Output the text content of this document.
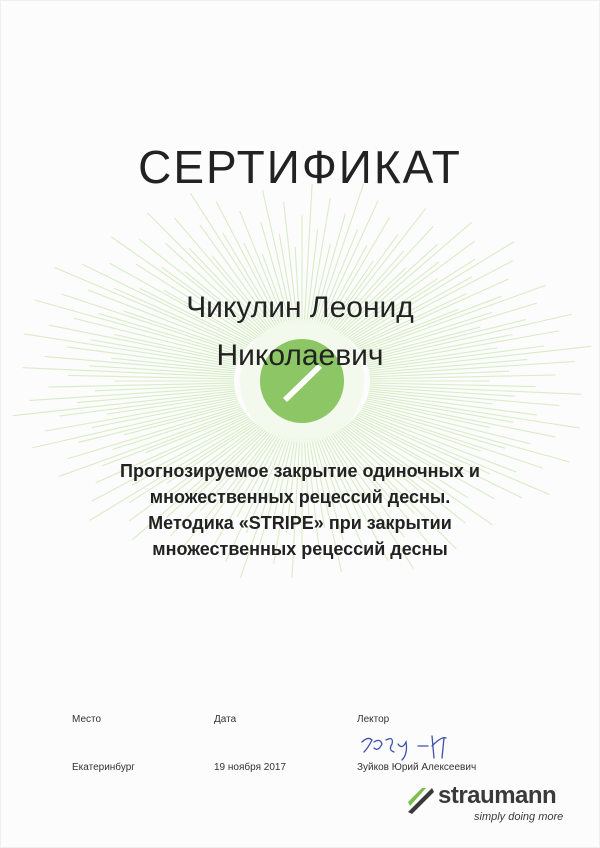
СЕРТИФИКАТ
Чикулин Леонид
Николаевич
Прогнозируемое закрытие одиночных и
множественных рецессий десны.
Методика «STRIPE» при закрытии
множественных рецессий десны
Место	Дата	Лектор
Екатеринбург	19 ноября 2017	Зуйков Юрий Алексеевич
straumann
simply doing more
